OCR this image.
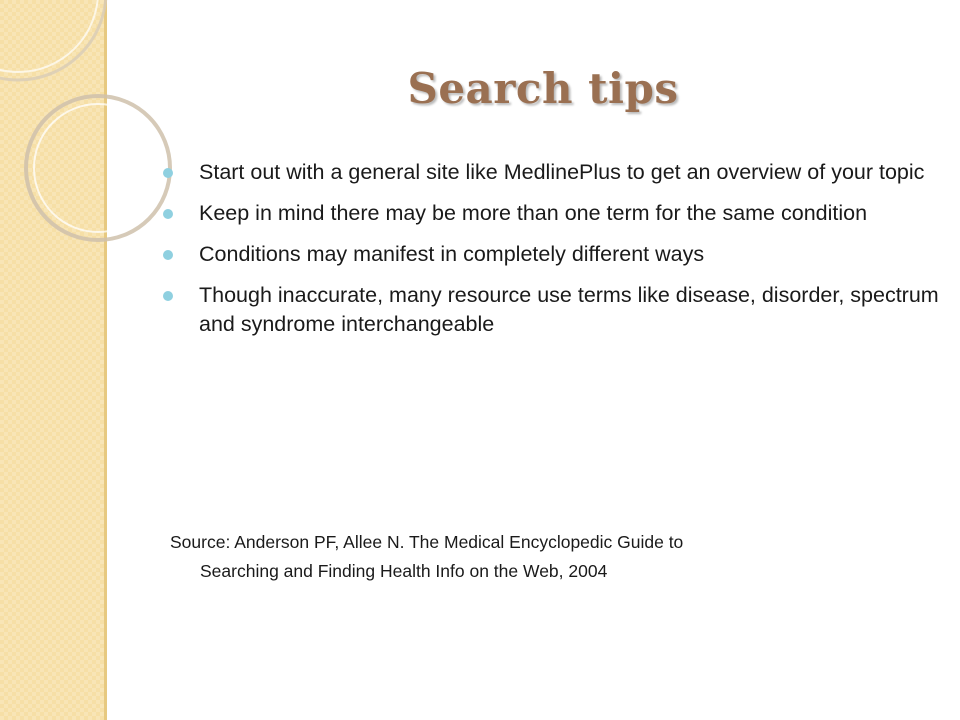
Search tips
Start out with a general site like MedlinePlus to get an overview of your topic
Keep in mind there may be more than one term for the same condition
Conditions may manifest in completely different ways
Though inaccurate, many resource use terms like disease, disorder, spectrum and syndrome interchangeable
Source: Anderson PF, Allee N. The Medical Encyclopedic Guide to
Searching and Finding Health Info on the Web, 2004
